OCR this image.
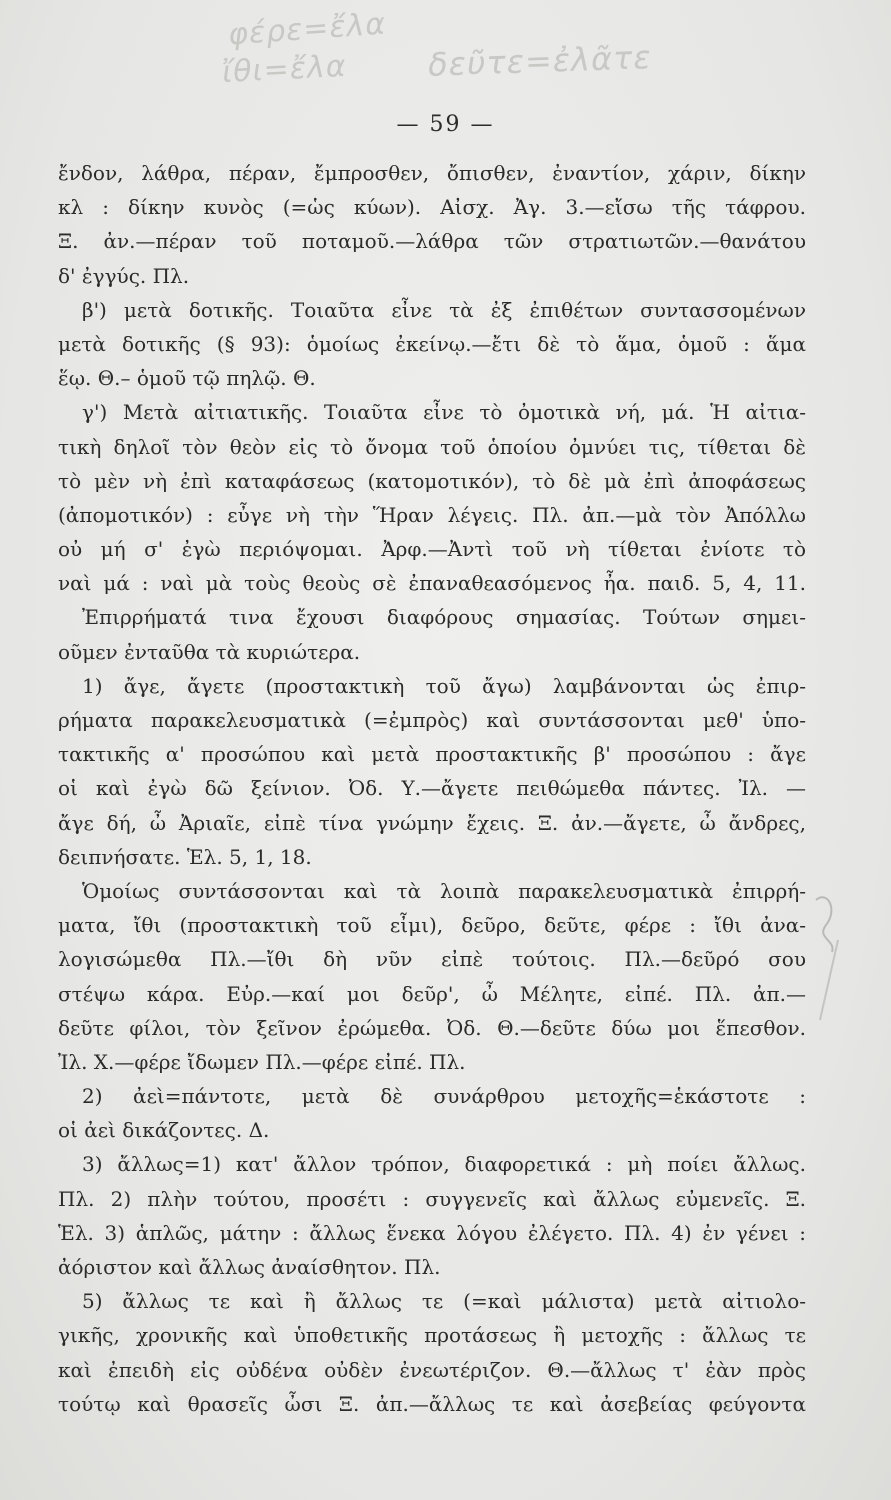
φέρε=ἔλα
ἴθι=ἔλα	δεῦτε=ἐλᾶτε
— 59 —
ἔνδον, λάθρα, πέραν, ἔμπροσθεν, ὄπισθεν, ἐναντίον, χάριν, δίκην
κλ : δίκην κυνὸς (=ὡς κύων). Αἰσχ. Ἀγ. 3.—εἴσω τῆς τάφρου.
Ξ. ἀν.—πέραν τοῦ ποταμοῦ.—λάθρα τῶν στρατιωτῶν.—θανάτου
δ' ἐγγύς. Πλ.
β') μετὰ δοτικῆς. Τοιαῦτα εἶνε τὰ ἐξ ἐπιθέτων συντασσομένων
μετὰ δοτικῆς (§ 93): ὁμοίως ἐκείνῳ.—ἔτι δὲ τὸ ἅμα, ὁμοῦ : ἅμα
ἕῳ. Θ.– ὁμοῦ τῷ πηλῷ. Θ.
γ') Μετὰ αἰτιατικῆς. Τοιαῦτα εἶνε τὸ ὀμοτικὰ νή, μά. Ἡ αἰτια-
τικὴ δηλοῖ τὸν θεὸν εἰς τὸ ὄνομα τοῦ ὁποίου ὀμνύει τις, τίθεται δὲ
τὸ μὲν νὴ ἐπὶ καταφάσεως (κατομοτικόν), τὸ δὲ μὰ ἐπὶ ἀποφάσεως
(ἀπομοτικόν) : εὖγε νὴ τὴν Ἥραν λέγεις. Πλ. ἀπ.—μὰ τὸν Ἀπόλλω
οὐ μή σ' ἐγὼ περιόψομαι. Ἀρφ.—Ἀντὶ τοῦ νὴ τίθεται ἐνίοτε τὸ
ναὶ μά : ναὶ μὰ τοὺς θεοὺς σὲ ἐπαναθεασόμενος ἦα. παιδ. 5, 4, 11.
Ἐπιρρήματά τινα ἔχουσι διαφόρους σημασίας. Τούτων σημει-
οῦμεν ἐνταῦθα τὰ κυριώτερα.
1) ἄγε, ἄγετε (προστακτικὴ τοῦ ἄγω) λαμβάνονται ὡς ἐπιρ-
ρήματα παρακελευσματικὰ (=ἐμπρὸς) καὶ συντάσσονται μεθ' ὑπο-
τακτικῆς α' προσώπου καὶ μετὰ προστακτικῆς β' προσώπου : ἄγε
οἱ καὶ ἐγὼ δῶ ξείνιον. Ὀδ. Υ.—ἄγετε πειθώμεθα πάντες. Ἰλ. —
ἄγε δή, ὦ Ἀριαῖε, εἰπὲ τίνα γνώμην ἔχεις. Ξ. ἀν.—ἄγετε, ὦ ἄνδρες,
δειπνήσατε. Ἑλ. 5, 1, 18.
Ὁμοίως συντάσσονται καὶ τὰ λοιπὰ παρακελευσματικὰ ἐπιρρή-
ματα, ἴθι (προστακτικὴ τοῦ εἶμι), δεῦρο, δεῦτε, φέρε : ἴθι ἀνα-
λογισώμεθα Πλ.—ἴθι δὴ νῦν εἰπὲ τούτοις. Πλ.—δεῦρό σου
στέψω κάρα. Εὐρ.—καί μοι δεῦρ', ὦ Μέλητε, εἰπέ. Πλ. ἀπ.—
δεῦτε φίλοι, τὸν ξεῖνον ἐρώμεθα. Ὀδ. Θ.—δεῦτε δύω μοι ἕπεσθον.
Ἰλ. Χ.—φέρε ἴδωμεν Πλ.—φέρε εἰπέ. Πλ.
2) ἀεὶ=πάντοτε, μετὰ δὲ συνάρθρου μετοχῆς=ἑκάστοτε :
οἱ ἀεὶ δικάζοντες. Δ.
3) ἄλλως=1) κατ' ἄλλον τρόπον, διαφορετικά : μὴ ποίει ἄλλως.
Πλ. 2) πλὴν τούτου, προσέτι : συγγενεῖς καὶ ἄλλως εὐμενεῖς. Ξ.
Ἑλ. 3) ἁπλῶς, μάτην : ἄλλως ἕνεκα λόγου ἐλέγετο. Πλ. 4) ἐν γένει :
ἀόριστον καὶ ἄλλως ἀναίσθητον. Πλ.
5) ἄλλως τε καὶ ἢ ἄλλως τε (=καὶ μάλιστα) μετὰ αἰτιολο-
γικῆς, χρονικῆς καὶ ὑποθετικῆς προτάσεως ἢ μετοχῆς : ἄλλως τε
καὶ ἐπειδὴ εἰς οὐδένα οὐδὲν ἐνεωτέριζον. Θ.—ἄλλως τ' ἐὰν πρὸς
τούτῳ καὶ θρασεῖς ὦσι Ξ. ἀπ.—ἄλλως τε καὶ ἀσεβείας φεύγοντα
